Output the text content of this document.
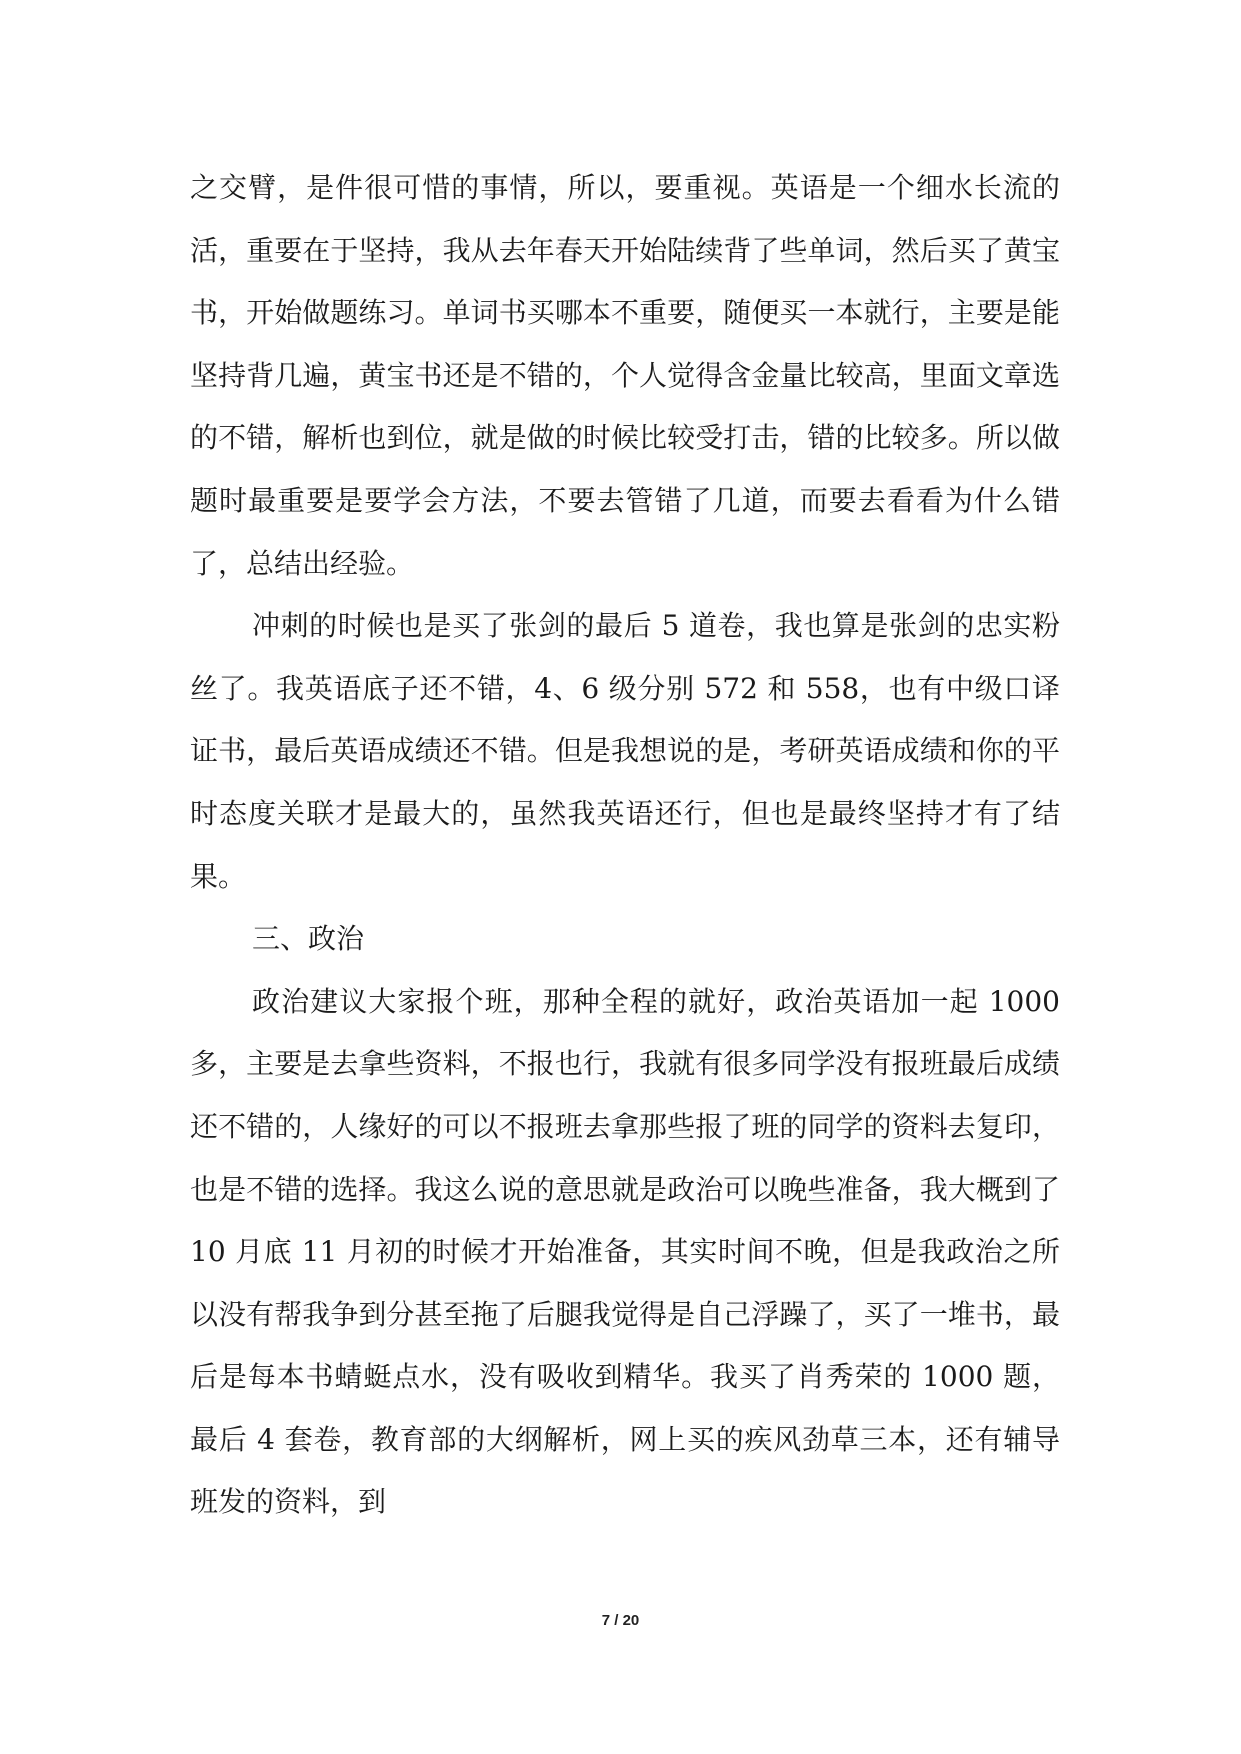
之交臂，是件很可惜的事情，所以，要重视。英语是一个细水长流的活，重要在于坚持，我从去年春天开始陆续背了些单词，然后买了黄宝书，开始做题练习。单词书买哪本不重要，随便买一本就行，主要是能坚持背几遍，黄宝书还是不错的，个人觉得含金量比较高，里面文章选的不错，解析也到位，就是做的时候比较受打击，错的比较多。所以做题时最重要是要学会方法，不要去管错了几道，而要去看看为什么错了，总结出经验。

冲刺的时候也是买了张剑的最后 5 道卷，我也算是张剑的忠实粉丝了。我英语底子还不错，4、6 级分别 572 和 558，也有中级口译证书，最后英语成绩还不错。但是我想说的是，考研英语成绩和你的平时态度关联才是最大的，虽然我英语还行，但也是最终坚持才有了结果。

三、政治

政治建议大家报个班，那种全程的就好，政治英语加一起 1000 多，主要是去拿些资料，不报也行，我就有很多同学没有报班最后成绩还不错的，人缘好的可以不报班去拿那些报了班的同学的资料去复印，也是不错的选择。我这么说的意思就是政治可以晚些准备，我大概到了 10 月底 11 月初的时候才开始准备，其实时间不晚，但是我政治之所以没有帮我争到分甚至拖了后腿我觉得是自己浮躁了，买了一堆书，最后是每本书蜻蜓点水，没有吸收到精华。我买了肖秀荣的 1000 题，最后 4 套卷，教育部的大纲解析，网上买的疾风劲草三本，还有辅导班发的资料，到

7 / 20
